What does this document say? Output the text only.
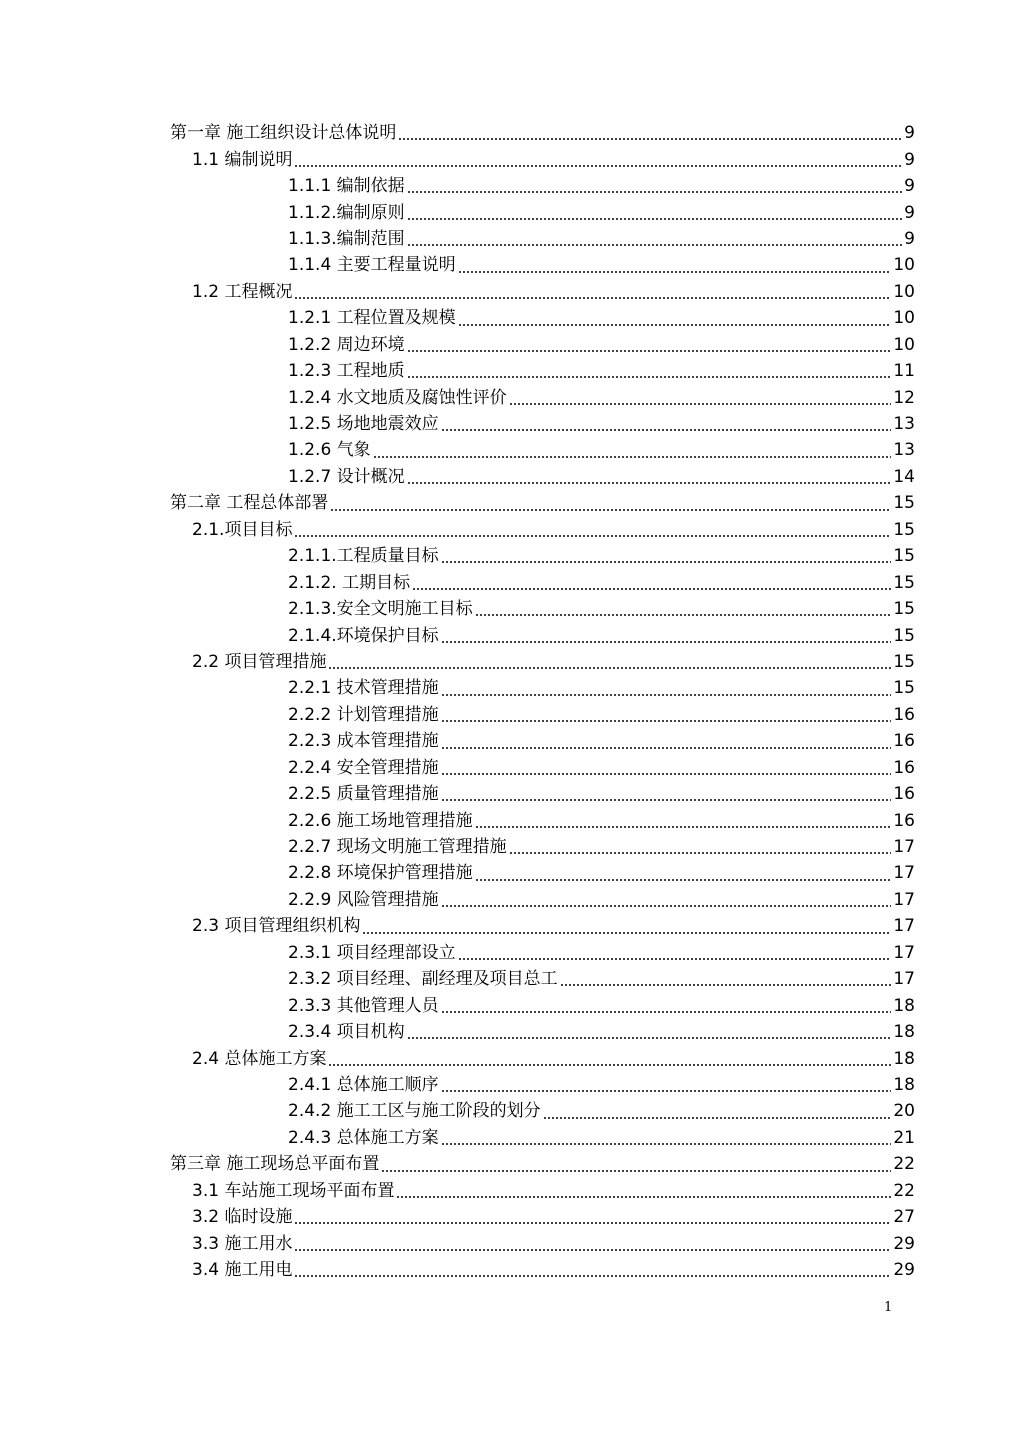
第一章 施工组织设计总体说明	9
1.1 编制说明	9
1.1.1 编制依据	9
1.1.2.编制原则	9
1.1.3.编制范围	9
1.1.4 主要工程量说明	10
1.2 工程概况	10
1.2.1 工程位置及规模	10
1.2.2 周边环境	10
1.2.3 工程地质	11
1.2.4 水文地质及腐蚀性评价	12
1.2.5 场地地震效应	13
1.2.6 气象	13
1.2.7 设计概况	14
第二章 工程总体部署	15
2.1.项目目标	15
2.1.1.工程质量目标	15
2.1.2. 工期目标	15
2.1.3.安全文明施工目标	15
2.1.4.环境保护目标	15
2.2 项目管理措施	15
2.2.1 技术管理措施	15
2.2.2 计划管理措施	16
2.2.3 成本管理措施	16
2.2.4 安全管理措施	16
2.2.5 质量管理措施	16
2.2.6 施工场地管理措施	16
2.2.7 现场文明施工管理措施	17
2.2.8 环境保护管理措施	17
2.2.9 风险管理措施	17
2.3 项目管理组织机构	17
2.3.1 项目经理部设立	17
2.3.2 项目经理、副经理及项目总工	17
2.3.3 其他管理人员	18
2.3.4 项目机构	18
2.4 总体施工方案	18
2.4.1 总体施工顺序	18
2.4.2 施工工区与施工阶段的划分	20
2.4.3 总体施工方案	21
第三章 施工现场总平面布置	22
3.1 车站施工现场平面布置	22
3.2 临时设施	27
3.3 施工用水	29
3.4 施工用电	29
1
